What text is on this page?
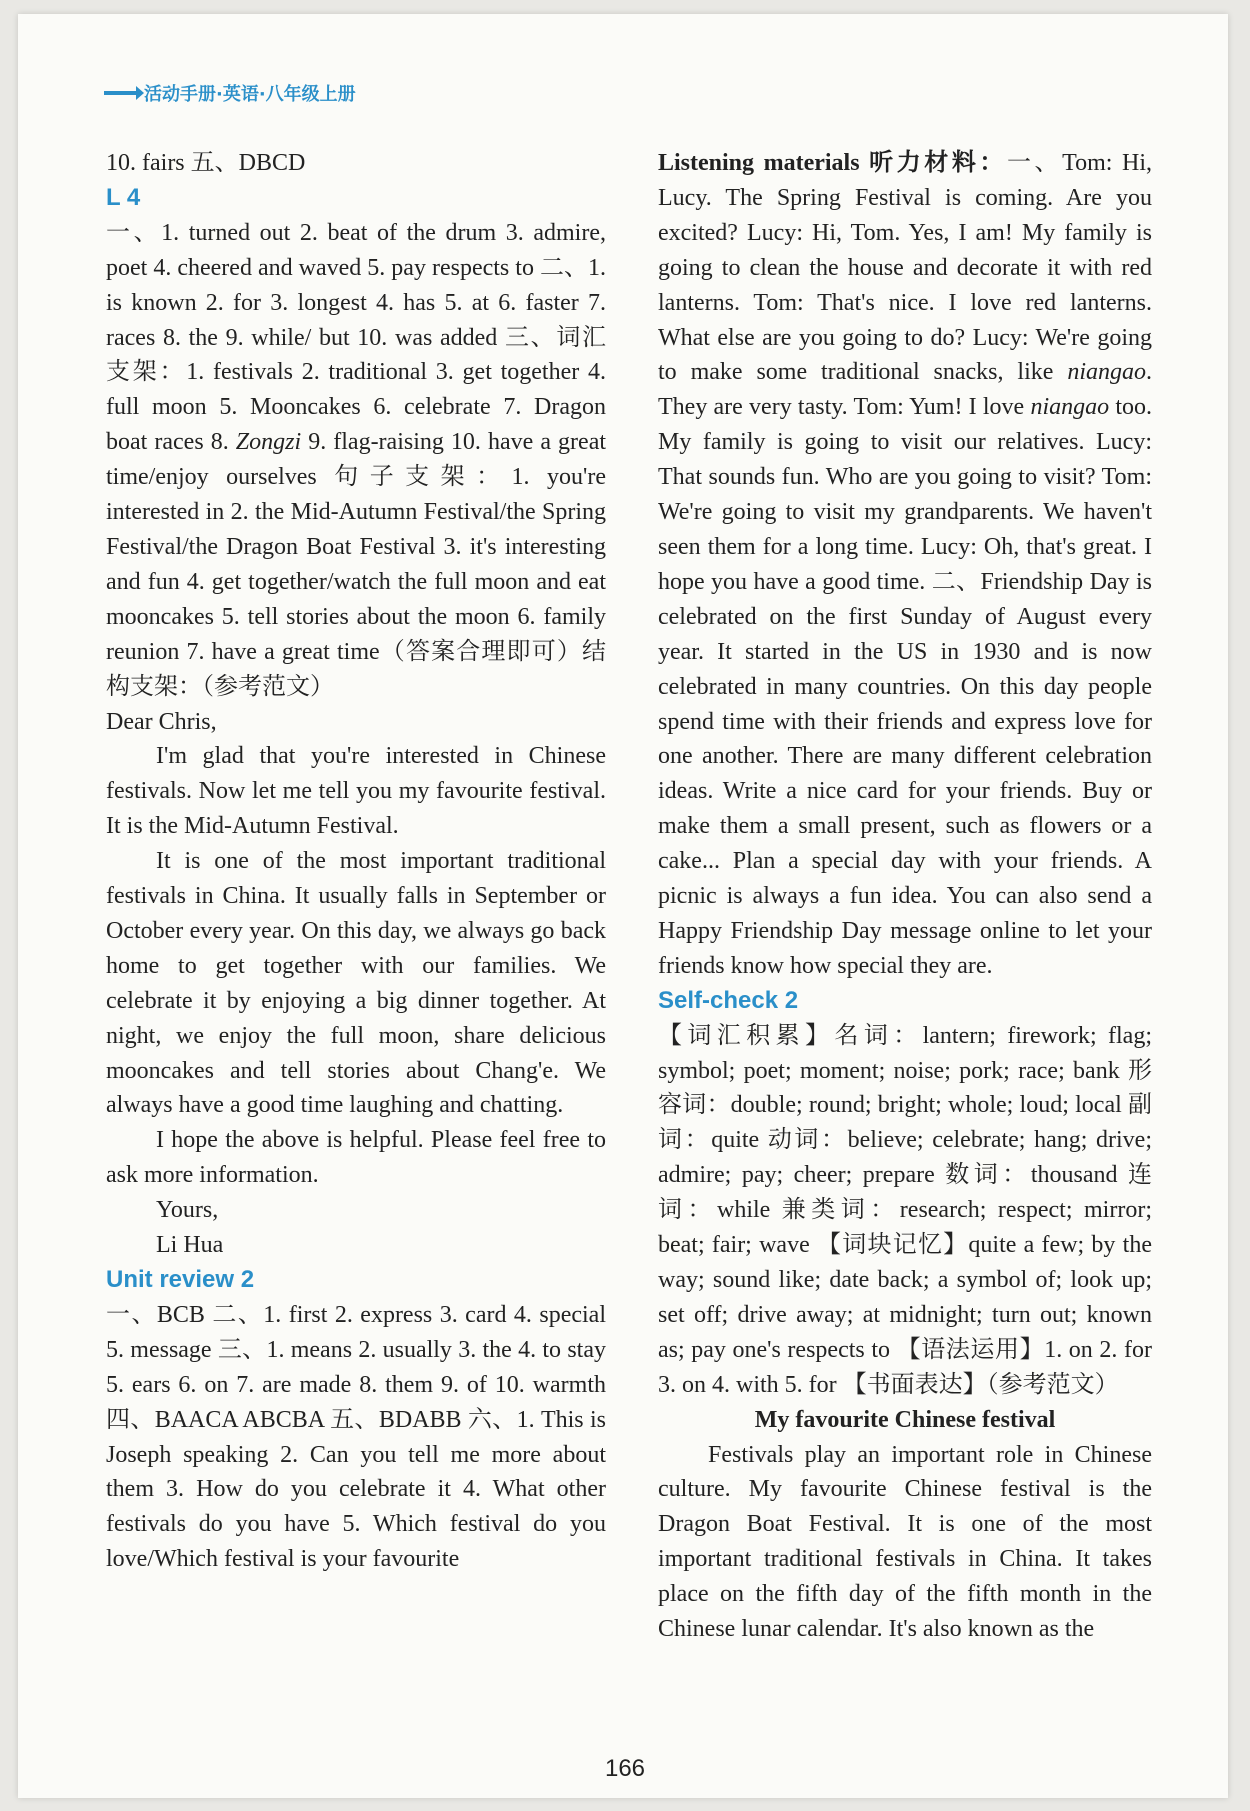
活动手册·英语·八年级上册

10. fairs 五、DBCD

L 4

一、1. turned out 2. beat of the drum 3. admire, poet 4. cheered and waved 5. pay respects to 二、1. is known 2. for 3. longest 4. has 5. at 6. faster 7. races 8. the 9. while/ but 10. was added 三、词汇支架：1. festivals 2. traditional 3. get together 4. full moon 5. Mooncakes 6. celebrate 7. Dragon boat races 8. Zongzi 9. flag-raising 10. have a great time/enjoy ourselves 句子支架：1. you're interested in 2. the Mid-Autumn Festival/the Spring Festival/the Dragon Boat Festival 3. it's interesting and fun 4. get together/watch the full moon and eat mooncakes 5. tell stories about the moon 6. family reunion 7. have a great time（答案合理即可）结构支架：（参考范文）

Dear Chris,

I'm glad that you're interested in Chinese festivals. Now let me tell you my favourite festival. It is the Mid-Autumn Festival.

It is one of the most important traditional festivals in China. It usually falls in September or October every year. On this day, we always go back home to get together with our families. We celebrate it by enjoying a big dinner together. At night, we enjoy the full moon, share delicious mooncakes and tell stories about Chang'e. We always have a good time laughing and chatting.

I hope the above is helpful. Please feel free to ask more information.

Yours,

Li Hua

Unit review 2

一、BCB 二、1. first 2. express 3. card 4. special 5. message 三、1. means 2. usually 3. the 4. to stay 5. ears 6. on 7. are made 8. them 9. of 10. warmth 四、BAACA ABCBA 五、BDABB 六、1. This is Joseph speaking 2. Can you tell me more about them 3. How do you celebrate it 4. What other festivals do you have 5. Which festival do you love/Which festival is your favourite

Listening materials 听力材料：一、Tom: Hi, Lucy. The Spring Festival is coming. Are you excited? Lucy: Hi, Tom. Yes, I am! My family is going to clean the house and decorate it with red lanterns. Tom: That's nice. I love red lanterns. What else are you going to do? Lucy: We're going to make some traditional snacks, like niangao. They are very tasty. Tom: Yum! I love niangao too. My family is going to visit our relatives. Lucy: That sounds fun. Who are you going to visit? Tom: We're going to visit my grandparents. We haven't seen them for a long time. Lucy: Oh, that's great. I hope you have a good time. 二、Friendship Day is celebrated on the first Sunday of August every year. It started in the US in 1930 and is now celebrated in many countries. On this day people spend time with their friends and express love for one another. There are many different celebration ideas. Write a nice card for your friends. Buy or make them a small present, such as flowers or a cake... Plan a special day with your friends. A picnic is always a fun idea. You can also send a Happy Friendship Day message online to let your friends know how special they are.

Self-check 2

【词汇积累】名词：lantern; firework; flag; symbol; poet; moment; noise; pork; race; bank 形容词：double; round; bright; whole; loud; local 副词：quite 动词：believe; celebrate; hang; drive; admire; pay; cheer; prepare 数词：thousand 连词：while 兼类词：research; respect; mirror; beat; fair; wave 【词块记忆】quite a few; by the way; sound like; date back; a symbol of; look up; set off; drive away; at midnight; turn out; known as; pay one's respects to 【语法运用】1. on 2. for 3. on 4. with 5. for 【书面表达】（参考范文）

My favourite Chinese festival

Festivals play an important role in Chinese culture. My favourite Chinese festival is the Dragon Boat Festival. It is one of the most important traditional festivals in China. It takes place on the fifth day of the fifth month in the Chinese lunar calendar. It's also known as the

166
